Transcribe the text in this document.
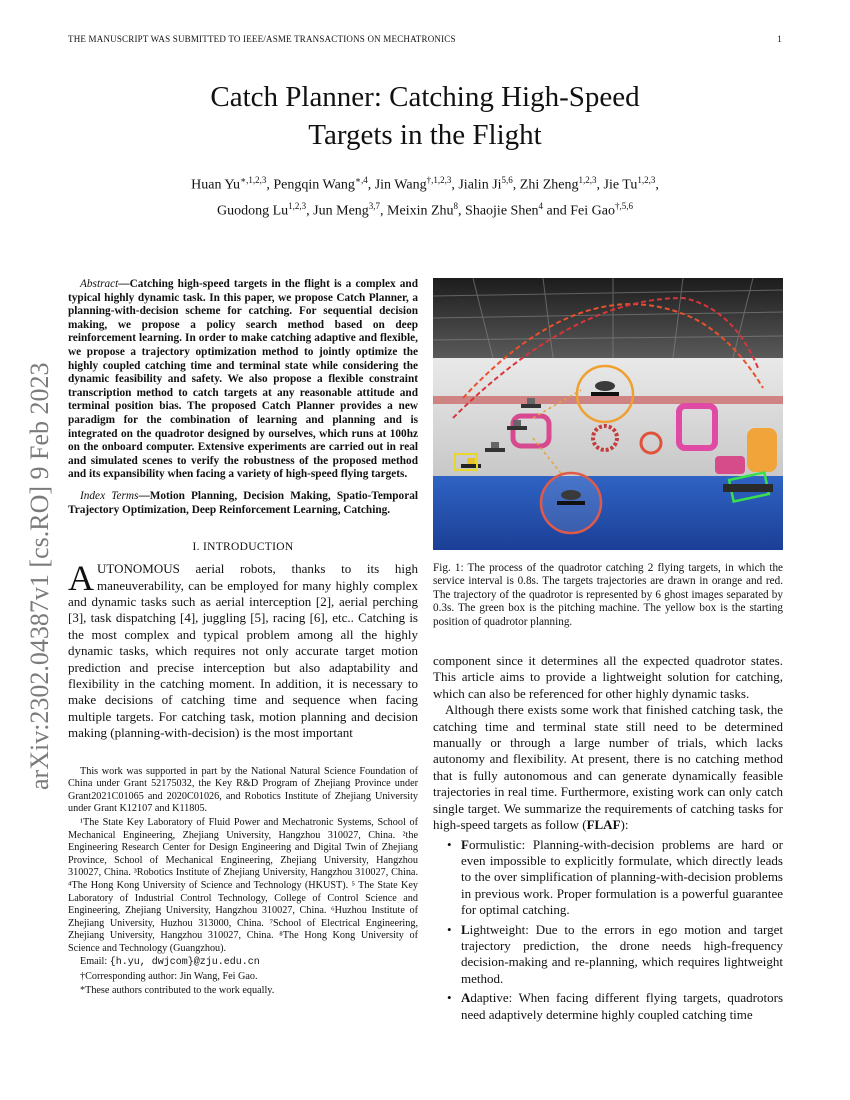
THE MANUSCRIPT WAS SUBMITTED TO IEEE/ASME TRANSACTIONS ON MECHATRONICS	1
arXiv:2302.04387v1 [cs.RO] 9 Feb 2023
Catch Planner: Catching High-Speed
Targets in the Flight
Huan $Yu^{∗,1,2,3}$, Pengqin Wang$^{∗,4}$, Jin Wang$^{\dagger,1,2,3}$, Jialin Ji$^{5,6}$, Zhi Zheng$^{1,2,3}$, Jie Tu$^{1,2,3}$,
Guodong Lu$^{1,2,3}$, Jun Meng$^{3,7}$, Meixin Zhu$^8$, Shaojie Shen$^4$ and Fei Gao$^{\dagger,5,6}$

Abstract—Catching high-speed targets in the flight is a complex and typical highly dynamic task. In this paper, we propose Catch Planner, a planning-with-decision scheme for catching. For sequential decision making, we propose a policy search method based on deep reinforcement learning. In order to make catching adaptive and flexible, we propose a trajectory optimization method to jointly optimize the highly coupled catching time and terminal state while considering the dynamic feasibility and safety. We also propose a flexible constraint transcription method to catch targets at any reasonable attitude and terminal position bias. The proposed Catch Planner provides a new paradigm for the combination of learning and planning and is integrated on the quadrotor designed by ourselves, which runs at 100hz on the onboard computer. Extensive experiments are carried out in real and simulated scenes to verify the robustness of the proposed method and its expansibility when facing a variety of high-speed flying targets.

Index Terms—Motion Planning, Decision Making, Spatio-Temporal Trajectory Optimization, Deep Reinforcement Learning, Catching.

I. INTRODUCTION

AUTONOMOUS aerial robots, thanks to its high maneuverability, can be employed for many highly complex and dynamic tasks such as aerial interception [2], aerial perching [3], task dispatching [4], juggling [5], racing [6], etc.. Catching is the most complex and typical problem among all the highly dynamic tasks, which requires not only accurate target motion prediction and precise interception but also adaptability and flexibility in the catching moment. In addition, it is necessary to make decisions of catching time and sequence when facing multiple targets. For catching task, motion planning and decision making (planning-with-decision) is the most important

This work was supported in part by the National Natural Science Foundation of China under Grant 52175032, the Key R&D Program of Zhejiang Province under Grant2021C01065 and 2020C01026, and Robotics Institute of Zhejiang University under Grant K12107 and K11805.

¹The State Key Laboratory of Fluid Power and Mechatronic Systems, School of Mechanical Engineering, Zhejiang University, Hangzhou 310027, China. ²the Engineering Research Center for Design Engineering and Digital Twin of Zhejiang Province, School of Mechanical Engineering, Zhejiang University, Hangzhou 310027, China. ³Robotics Institute of Zhejiang University, Hangzhou 310027, China. ⁴The Hong Kong University of Science and Technology (HKUST). ⁵ The State Key Laboratory of Industrial Control Technology, College of Control Science and Engineering, Zhejiang University, Hangzhou 310027, China. ⁶Huzhou Institute of Zhejiang University, Huzhou 313000, China. ⁷School of Electrical Engineering, Zhejiang University, Hangzhou 310027, China. ⁸The Hong Kong University of Science and Technology (Guangzhou).

Email: {h.yu, dwjcom}@zju.edu.cn

†Corresponding author: Jin Wang, Fei Gao.

*These authors contributed to the work equally.

Fig. 1: The process of the quadrotor catching 2 flying targets, in which the service interval is 0.8s. The targets trajectories are drawn in orange and red. The trajectory of the quadrotor is represented by 6 ghost images separated by 0.3s. The green box is the pitching machine. The yellow box is the starting position of quadrotor planning.

component since it determines all the expected quadrotor states. This article aims to provide a lightweight solution for catching, which can also be referenced for other highly dynamic tasks.

Although there exists some work that finished catching task, the catching time and terminal state still need to be determined manually or through a large number of trials, which lacks autonomy and flexibility. At present, there is no catching method that is fully autonomous and can generate dynamically feasible trajectories in real time. Furthermore, existing work can only catch single target. We summarize the requirements of catching tasks for high-speed targets as follow (FLAF):

• Formulistic: Planning-with-decision problems are hard or even impossible to explicitly formulate, which directly leads to the over simplification of planning-with-decision problems in previous work. Proper formulation is a powerful guarantee for optimal catching.
• Lightweight: Due to the errors in ego motion and target trajectory prediction, the drone needs high-frequency decision-making and re-planning, which requires lightweight method.
• Adaptive: When facing different flying targets, quadrotors need adaptively determine highly coupled catching time
